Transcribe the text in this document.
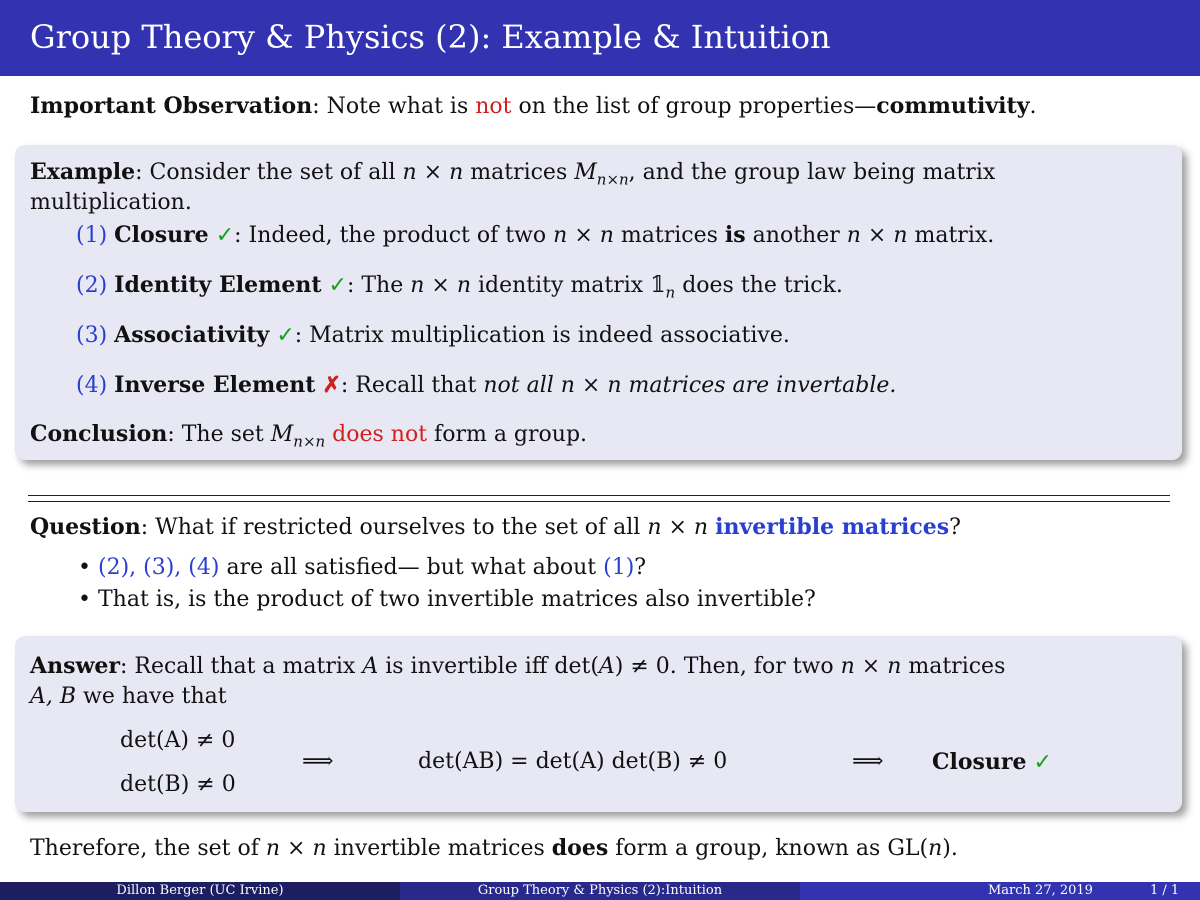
Group Theory & Physics (2): Example & Intuition
Important Observation: Note what is not on the list of group properties—commutivity.
Example: Consider the set of all n × n matrices $M_{n\times n}$, and the group law being matrix
multiplication.
(1) Closure ✓: Indeed, the product of two n × n matrices is another n × n matrix.
(2) Identity Element ✓: The n × n identity matrix $𝟙_n$ does the trick.
(3) Associativity ✓: Matrix multiplication is indeed associative.
(4) Inverse Element ✗: Recall that not all n × n matrices are invertable.
Conclusion: The set $M_{n\times n}$ does not form a group.
Question: What if restricted ourselves to the set of all n × n invertible matrices?
• (2), (3), (4) are all satisfied— but what about (1)?
• That is, is the product of two invertible matrices also invertible?
Answer: Recall that a matrix A is invertible iff det(A) ≠ 0. Then, for two n × n matrices
A, B we have that
det(A) ≠ 0
det(B) ≠ 0
⟹	det(AB) = det(A) det(B) ≠ 0	⟹ Closure ✓
Therefore, the set of n × n invertible matrices does form a group, known as GL(n).
Dillon Berger (UC Irvine)	Group Theory & Physics (2):Intuition	March 27, 2019	1 / 1
